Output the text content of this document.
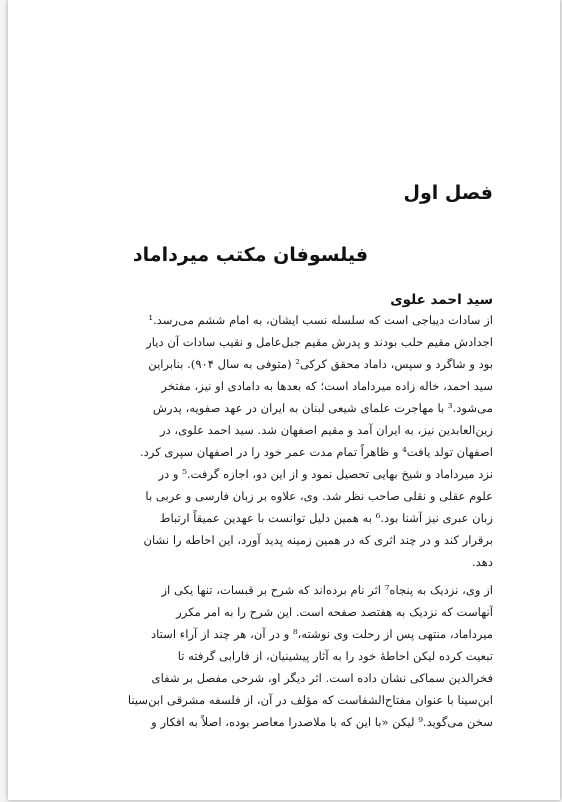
فصل اول
فیلسوفان مکتب میرداماد
سید احمد علوی
از سادات دیباجی است که سلسله نسب ایشان، به امام ششم می‌رسد.¹
اجدادش مقیم حلب بودند و پدرش مقیم جبل‌عامل و نقیب سادات آن دیار
بود و شاگرد و سپس، داماد محقق کرکی² (متوفی به سال ۹۰۴). بنابراین
سید احمد، خاله زاده میرداماد است؛ که بعدها به دامادی او نیز، مفتخر
می‌شود.³ با مهاجرت علمای شیعی لبنان به ایران در عهد صفویه، پدرش
زین‌العابدین نیز، به ایران آمد و مقیم اصفهان شد. سید احمد علوی، در
اصفهان تولد یافت⁴ و ظاهراً تمام مدت عمر خود را در اصفهان سپری کرد.
نزد میرداماد و شیخ بهایی تحصیل نمود و از این دو، اجازه گرفت.⁵ و در
علوم عقلی و نقلی صاحب نظر شد. وی، علاوه بر زبان فارسی و عربی با
زبان عبری نیز آشنا بود.⁶ به همین دلیل توانست با عهدین عمیقاً ارتباط
برقرار کند و در چند اثری که در همین زمینه پدید آورد، این احاطه را نشان
دهد.
از وی، نزدیک به پنجاه⁷ اثر نام برده‌اند که شرح بر قبسات، تنها یکی از
آنهاست که نزدیک به هفتصد صفحه است. این شرح را به امر مکرر
میرداماد، منتهی پس از رحلت وی نوشته،⁸ و در آن، هر چند از آراء استاد
تبعیت کرده لیکن احاطهٔ خود را به آثار پیشینیان، از فارابی گرفته تا
فخرالدین سماکی نشان داده است. اثر دیگر او، شرحی مفصل بر شفای
ابن‌سینا با عنوان مفتاح‌الشفاست که مؤلف در آن، از فلسفه مشرقی ابن‌سینا
سخن می‌گوید.⁹ لیکن «با این که با ملاصدرا معاصر بوده، اصلاً به افکار و
